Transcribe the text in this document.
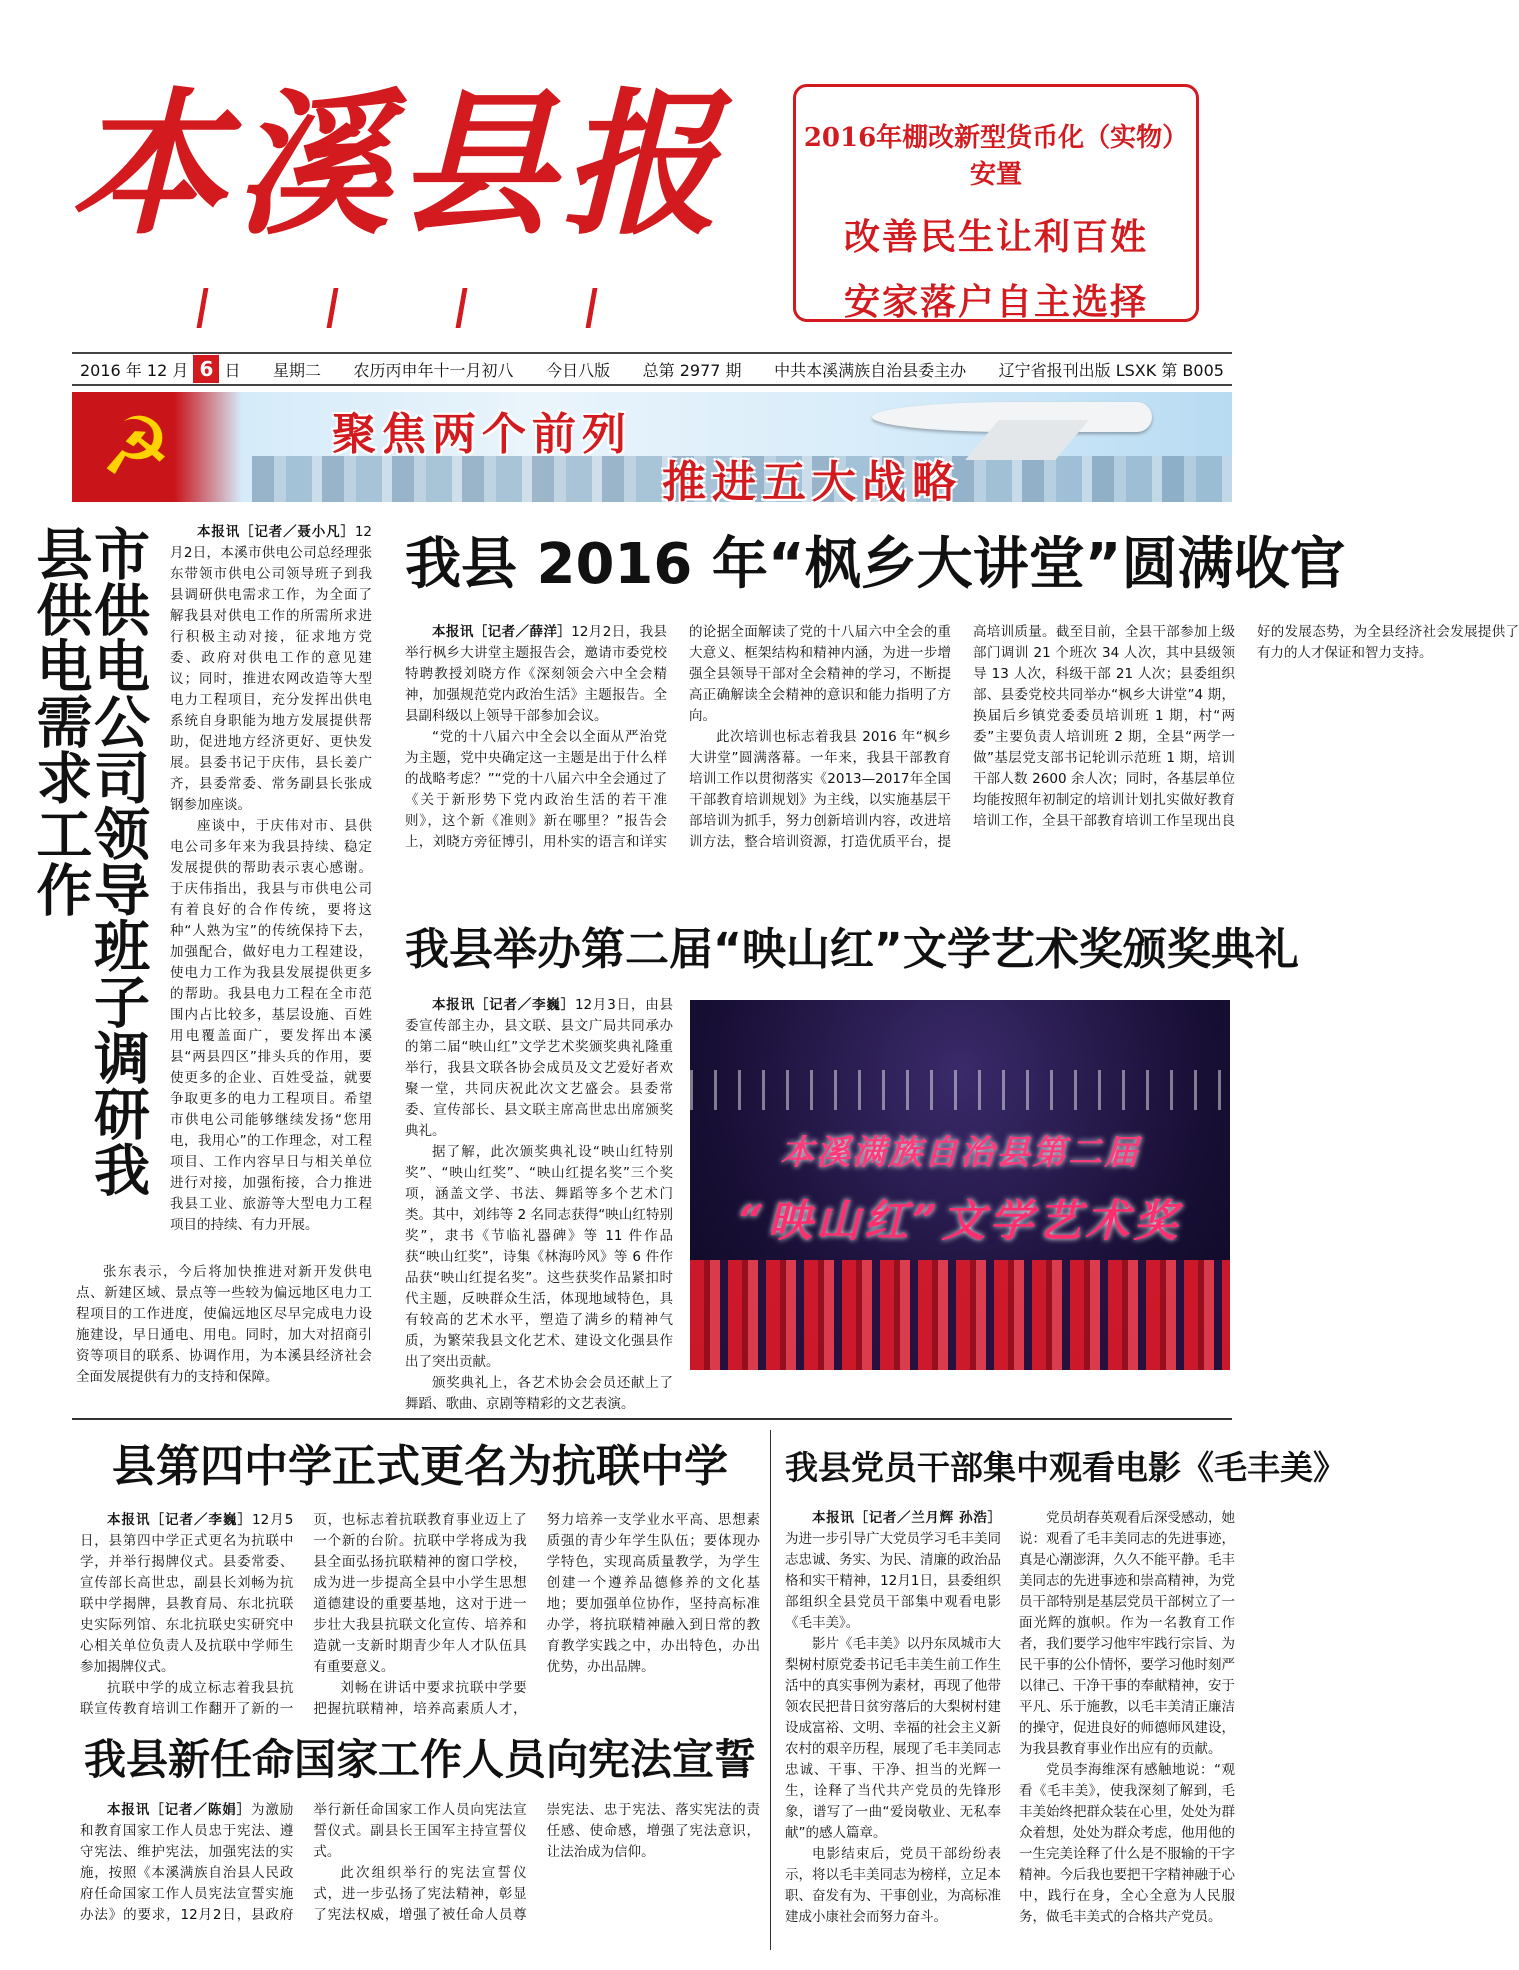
本溪县报	2016年棚改新型货币化（实物）安置
改善民生让利百姓
安家落户自主选择
2016 年 12 月 6 日 星期二 农历丙申年十一月初八 今日八版 总第 2977 期 中共本溪满族自治县委主办 辽宁省报刊出版 LSXK 第 B005
☭	聚焦两个前列
推进五大战略
市供电公司领导班子调研我县供电需求工作	本报讯［记者／聂小凡］12月2日，本溪市供电公司总经理张东带领市供电公司领导班子到我县调研供电需求工作，为全面了解我县对供电工作的所需所求进行积极主动对接，征求地方党委、政府对供电工作的意见建议；同时，推进农网改造等大型电力工程项目，充分发挥出供电系统自身职能为地方发展提供帮助，促进地方经济更好、更快发展。县委书记于庆伟，县长姜广齐，县委常委、常务副县长张成钢参加座谈。

座谈中，于庆伟对市、县供电公司多年来为我县持续、稳定发展提供的帮助表示衷心感谢。于庆伟指出，我县与市供电公司有着良好的合作传统，要将这种“人熟为宝”的传统保持下去，加强配合，做好电力工程建设，使电力工作为我县发展提供更多的帮助。我县电力工程在全市范围内占比较多，基层设施、百姓用电覆盖面广，要发挥出本溪县“两县四区”排头兵的作用，要使更多的企业、百姓受益，就要争取更多的电力工程项目。希望市供电公司能够继续发扬“您用电，我用心”的工作理念，对工程项目、工作内容早日与相关单位进行对接，加强衔接，合力推进我县工业、旅游等大型电力工程项目的持续、有力开展。

张东表示，今后将加快推进对新开发供电点、新建区域、景点等一些较为偏远地区电力工程项目的工作进度，使偏远地区尽早完成电力设施建设，早日通电、用电。同时，加大对招商引资等项目的联系、协调作用，为本溪县经济社会全面发展提供有力的支持和保障。

我县 2016 年“枫乡大讲堂”圆满收官

本报讯［记者／薛洋］12月2日，我县举行枫乡大讲堂主题报告会，邀请市委党校特聘教授刘晓方作《深刻领会六中全会精神，加强规范党内政治生活》主题报告。全县副科级以上领导干部参加会议。

“党的十八届六中全会以全面从严治党为主题，党中央确定这一主题是出于什么样的战略考虑？”“党的十八届六中全会通过了《关于新形势下党内政治生活的若干准则》，这个新《准则》新在哪里？”报告会上，刘晓方旁征博引，用朴实的语言和详实的论据全面解读了党的十八届六中全会的重大意义、框架结构和精神内涵，为进一步增强全县领导干部对全会精神的学习，不断提高正确解读全会精神的意识和能力指明了方向。

此次培训也标志着我县 2016 年“枫乡大讲堂”圆满落幕。一年来，我县干部教育培训工作以贯彻落实《2013—2017年全国干部教育培训规划》为主线，以实施基层干部培训为抓手，努力创新培训内容，改进培训方法，整合培训资源，打造优质平台，提高培训质量。截至目前，全县干部参加上级部门调训 21 个班次 34 人次，其中县级领导 13 人次，科级干部 21 人次；县委组织部、县委党校共同举办“枫乡大讲堂”4 期，换届后乡镇党委委员培训班 1 期，村“两委”主要负责人培训班 2 期，全县“两学一做”基层党支部书记轮训示范班 1 期，培训干部人数 2600 余人次；同时，各基层单位均能按照年初制定的培训计划扎实做好教育培训工作，全县干部教育培训工作呈现出良好的发展态势，为全县经济社会发展提供了有力的人才保证和智力支持。

我县举办第二届“映山红”文学艺术奖颁奖典礼

本报讯［记者／李巍］12月3日，由县委宣传部主办，县文联、县文广局共同承办的第二届“映山红”文学艺术奖颁奖典礼隆重举行，我县文联各协会成员及文艺爱好者欢聚一堂，共同庆祝此次文艺盛会。县委常委、宣传部长、县文联主席高世忠出席颁奖典礼。

据了解，此次颁奖典礼设“映山红特别奖”、“映山红奖”、“映山红提名奖”三个奖项，涵盖文学、书法、舞蹈等多个艺术门类。其中，刘纬等 2 名同志获得“映山红特别奖”，隶书《节临礼器碑》等 11 件作品获“映山红奖”，诗集《林海吟风》等 6 件作品获“映山红提名奖”。这些获奖作品紧扣时代主题，反映群众生活，体现地域特色，具有较高的艺术水平，塑造了满乡的精神气质，为繁荣我县文化艺术、建设文化强县作出了突出贡献。

颁奖典礼上，各艺术协会会员还献上了舞蹈、歌曲、京剧等精彩的文艺表演。

本溪满族自治县第二届
“映山红”文学艺术奖
县第四中学正式更名为抗联中学

本报讯［记者／李巍］12月5日，县第四中学正式更名为抗联中学，并举行揭牌仪式。县委常委、宣传部长高世忠，副县长刘畅为抗联中学揭牌，县教育局、东北抗联史实际列馆、东北抗联史实研究中心相关单位负责人及抗联中学师生参加揭牌仪式。

抗联中学的成立标志着我县抗联宣传教育培训工作翻开了新的一页，也标志着抗联教育事业迈上了一个新的台阶。抗联中学将成为我县全面弘扬抗联精神的窗口学校，成为进一步提高全县中小学生思想道德建设的重要基地，这对于进一步壮大我县抗联文化宣传、培养和造就一支新时期青少年人才队伍具有重要意义。

刘畅在讲话中要求抗联中学要把握抗联精神，培养高素质人才，努力培养一支学业水平高、思想素质强的青少年学生队伍；要体现办学特色，实现高质量教学，为学生创建一个遵养品德修养的文化基地；要加强单位协作，坚持高标准办学，将抗联精神融入到日常的教育教学实践之中，办出特色，办出优势，办出品牌。

我县新任命国家工作人员向宪法宣誓

本报讯［记者／陈娟］为激励和教育国家工作人员忠于宪法、遵守宪法、维护宪法，加强宪法的实施，按照《本溪满族自治县人民政府任命国家工作人员宪法宣誓实施办法》的要求，12月2日，县政府举行新任命国家工作人员向宪法宣誓仪式。副县长王国军主持宣誓仪式。

此次组织举行的宪法宣誓仪式，进一步弘扬了宪法精神，彰显了宪法权威，增强了被任命人员尊崇宪法、忠于宪法、落实宪法的责任感、使命感，增强了宪法意识，让法治成为信仰。

我县党员干部集中观看电影《毛丰美》

本报讯［记者／兰月辉 孙浩］为进一步引导广大党员学习毛丰美同志忠诚、务实、为民、清廉的政治品格和实干精神，12月1日，县委组织部组织全县党员干部集中观看电影《毛丰美》。

影片《毛丰美》以丹东凤城市大梨树村原党委书记毛丰美生前工作生活中的真实事例为素材，再现了他带领农民把昔日贫穷落后的大梨树村建设成富裕、文明、幸福的社会主义新农村的艰辛历程，展现了毛丰美同志忠诚、干事、干净、担当的光辉一生，诠释了当代共产党员的先锋形象，谱写了一曲“爱岗敬业、无私奉献”的感人篇章。

电影结束后，党员干部纷纷表示，将以毛丰美同志为榜样，立足本职、奋发有为、干事创业，为高标准建成小康社会而努力奋斗。

党员胡春英观看后深受感动，她说：观看了毛丰美同志的先进事迹，真是心潮澎湃，久久不能平静。毛丰美同志的先进事迹和崇高精神，为党员干部特别是基层党员干部树立了一面光辉的旗帜。作为一名教育工作者，我们要学习他牢牢践行宗旨、为民干事的公仆情怀，要学习他时刻严以律己、干净干事的奉献精神，安于平凡、乐于施教，以毛丰美清正廉洁的操守，促进良好的师德师风建设，为我县教育事业作出应有的贡献。

党员李海维深有感触地说：“观看《毛丰美》，使我深刻了解到，毛丰美始终把群众装在心里，处处为群众着想，处处为群众考虑，他用他的一生完美诠释了什么是不服输的干字精神。今后我也要把干字精神融于心中，践行在身，全心全意为人民服务，做毛丰美式的合格共产党员。
